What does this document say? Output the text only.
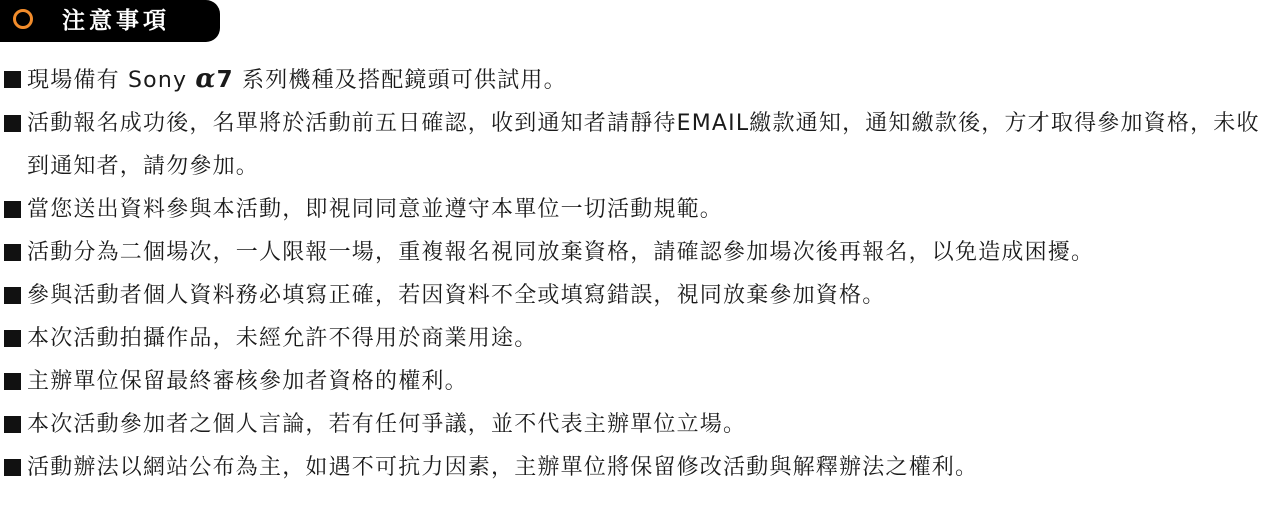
注意事項
現場備有 Sony α7 系列機種及搭配鏡頭可供試用。
活動報名成功後，名單將於活動前五日確認，收到通知者請靜待EMAIL繳款通知，通知繳款後，方才取得參加資格，未收到通知者，請勿參加。
當您送出資料參與本活動，即視同同意並遵守本單位一切活動規範。
活動分為二個場次，一人限報一場，重複報名視同放棄資格，請確認參加場次後再報名，以免造成困擾。
參與活動者個人資料務必填寫正確，若因資料不全或填寫錯誤，視同放棄參加資格。
本次活動拍攝作品，未經允許不得用於商業用途。
主辦單位保留最終審核參加者資格的權利。
本次活動參加者之個人言論，若有任何爭議，並不代表主辦單位立場。
活動辦法以網站公布為主，如遇不可抗力因素，主辦單位將保留修改活動與解釋辦法之權利。
